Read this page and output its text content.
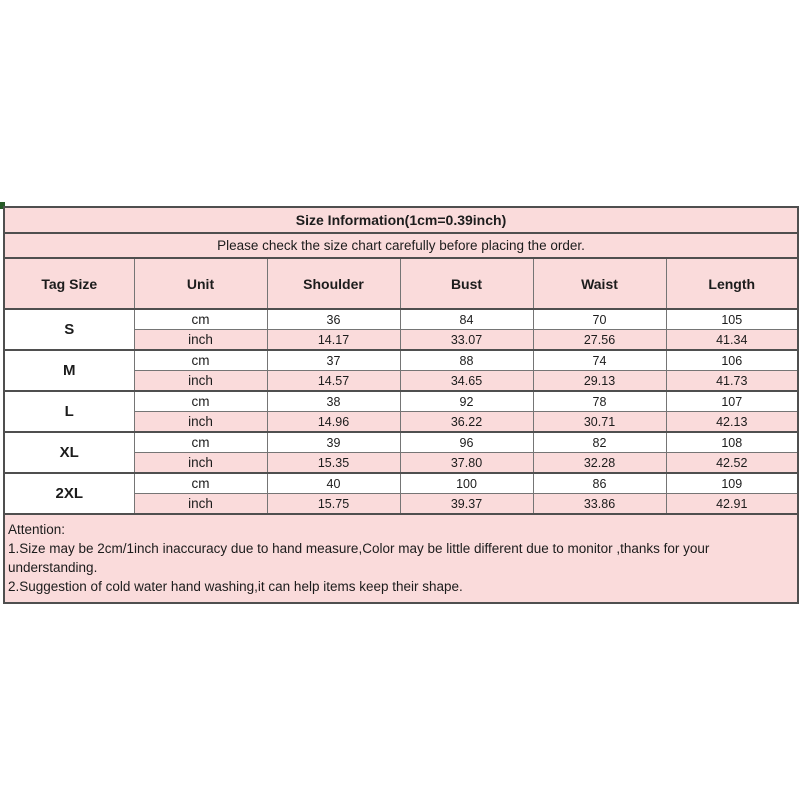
Size Information(1cm=0.39inch)					
Please check the size chart carefully before placing the order.					
Tag Size	Unit	Shoulder	Bust	Waist	Length
S	cm	36	84	70	105
	inch	14.17	33.07	27.56	41.34
M	cm	37	88	74	106
	inch	14.57	34.65	29.13	41.73
L	cm	38	92	78	107
	inch	14.96	36.22	30.71	42.13
XL	cm	39	96	82	108
	inch	15.35	37.80	32.28	42.52
2XL	cm	40	100	86	109
	inch	15.75	39.37	33.86	42.91

Attention:
1.Size may be 2cm/1inch inaccuracy due to hand measure,Color may be little different due to monitor ,thanks for your understanding.
2.Suggestion of cold water hand washing,it can help items keep their shape.					
